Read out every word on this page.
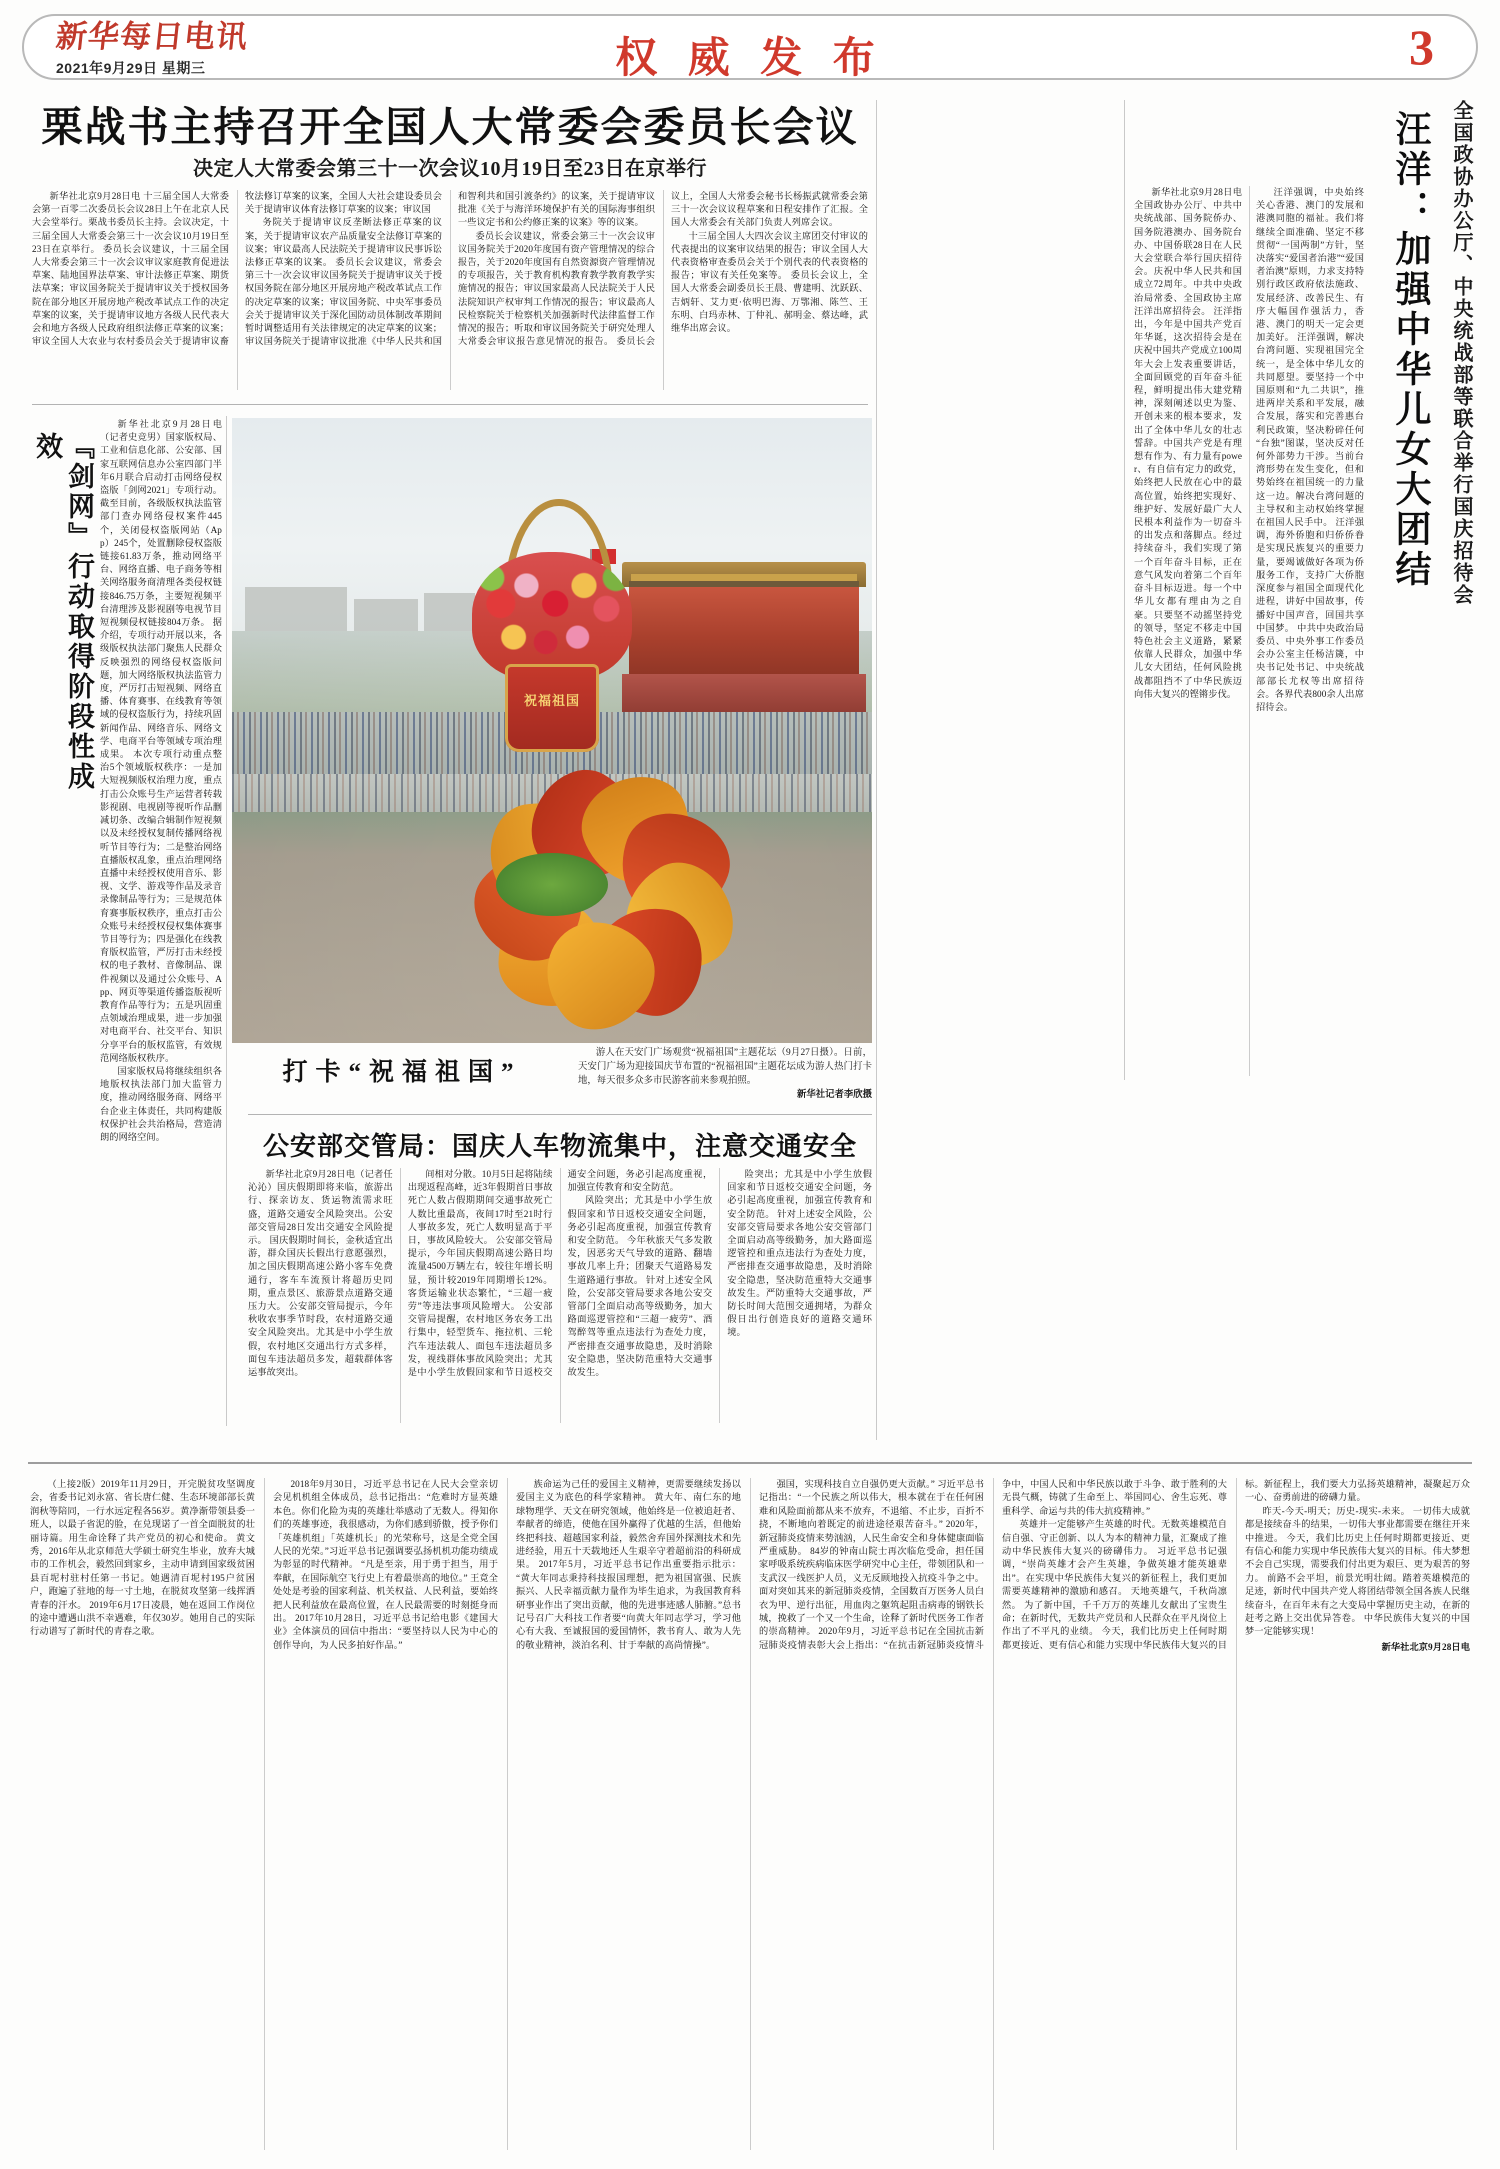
新华每日电讯
2021年9月29日 星期三	权 威 发 布	3
栗战书主持召开全国人大常委会委员长会议
决定人大常委会第三十一次会议10月19日至23日在京举行
新华社北京9月28日电 十三届全国人大常委会第一百零二次委员长会议28日上午在北京人民大会堂举行。栗战书委员长主持。会议决定，十三届全国人大常委会第三十一次会议10月19日至23日在京举行。 委员长会议建议，十三届全国人大常委会第三十一次会议审议家庭教育促进法草案、陆地国界法草案、审计法修正草案、期货法草案；审议国务院关于提请审议关于授权国务院在部分地区开展房地产税改革试点工作的决定草案的议案，关于提请审议地方各级人民代表大会和地方各级人民政府组织法修正草案的议案；审议全国人大农业与农村委员会关于提请审议畜牧法修订草案的议案，全国人大社会建设委员会关于提请审议体育法修订草案的议案；审议国
务院关于提请审议反垄断法修正草案的议案，关于提请审议农产品质量安全法修订草案的议案；审议最高人民法院关于提请审议民事诉讼法修正草案的议案。 委员长会议建议，常委会第三十一次会议审议国务院关于提请审议关于授权国务院在部分地区开展房地产税改革试点工作的决定草案的议案；审议国务院、中央军事委员会关于提请审议关于深化国防动员体制改革期间暂时调整适用有关法律规定的决定草案的议案；审议国务院关于提请审议批准《中华人民共和国和智利共和国引渡条约》的议案，关于提请审议批准《关于与海洋环境保护有关的国际海事组织一些议定书和公约修正案的议案》等的议案。
委员长会议建议，常委会第三十一次会议审议国务院关于2020年度国有资产管理情况的综合报告，关于2020年度国有自然资源资产管理情况的专项报告，关于教育机构教育教学教育教学实施情况的报告；审议国家最高人民法院关于人民法院知识产权审判工作情况的报告；审议最高人民检察院关于检察机关加强新时代法律监督工作情况的报告；听取和审议国务院关于研究处理人大常委会审议报告意见情况的报告。 委员长会议上，全国人大常委会秘书长杨振武就常委会第三十一次会议议程草案和日程安排作了汇报。全国人大常委会有关部门负责人列席会议。
十三届全国人大四次会议主席团交付审议的代表提出的议案审议结果的报告；审议全国人大代表资格审查委员会关于个别代表的代表资格的报告；审议有关任免案等。 委员长会议上，全国人大常委会副委员长王晨、曹建明、沈跃跃、吉炳轩、艾力更·依明巴海、万鄂湘、陈竺、王东明、白玛赤林、丁仲礼、郝明金、蔡达峰，武维华出席会议。
『剑网』行动取得阶段性成效
新华社北京9月28日电（记者史竞男）国家版权局、工业和信息化部、公安部、国家互联网信息办公室四部门半年6月联合启动打击网络侵权盗版「剑网2021」专项行动。截至目前，各级版权执法监管部门查办网络侵权案件445个，关闭侵权盗版网站（App）245个，处置删除侵权盗版链接61.83万条，推动网络平台、网络直播、电子商务等相关网络服务商清理各类侵权链接846.75万条，主要短视频平台清理涉及影视剧等电视节目短视频侵权链接804万条。 据介绍，专项行动开展以来，各级版权执法部门聚焦人民群众反映强烈的网络侵权盗版问题，加大网络版权执法监管力度，严厉打击短视频、网络直播、体育赛事、在线教育等领域的侵权盗版行为，持续巩固新闻作品、网络音乐、网络文学、电商平台等领域专项治理成果。 本次专项行动重点整治5个领域版权秩序：一是加大短视频版权治理力度，重点打击公众账号生产运营者转载影视剧、电视剧等视听作品删减切条、改编合辑制作短视频以及未经授权复制传播网络视听节目等行为；二是整治网络直播版权乱象，重点治理网络直播中未经授权使用音乐、影视、文学、游戏等作品及录音录像制品等行为；三是规范体育赛事版权秩序，重点打击公众账号未经授权侵权集体赛事节目等行为；四是强化在线教育版权监管，严厉打击未经授权的电子教材、音像制品、课件视频以及通过公众账号、App、网页等渠道传播盗版视听教育作品等行为；五是巩固重点领域治理成果，进一步加强对电商平台、社交平台、知识分享平台的版权监管，有效规范网络版权秩序。
国家版权局将继续组织各地版权执法部门加大监管力度，推动网络服务商、网络平台企业主体责任，共同构建版权保护社会共治格局，营造清朗的网络空间。
祝福祖国
打卡“祝福祖国”
游人在天安门广场观赏“祝福祖国”主题花坛（9月27日摄）。日前，天安门广场为迎接国庆节布置的“祝福祖国”主题花坛成为游人热门打卡地，每天很多众多市民游客前来参观拍照。
新华社记者李欣摄
公安部交管局：国庆人车物流集中，注意交通安全
新华社北京9月28日电（记者任沁沁）国庆假期即将来临，旅游出行、探亲访友、货运物流需求旺盛，道路交通安全风险突出。公安部交管局28日发出交通安全风险提示。 国庆假期时间长，金秋适宜出游，群众国庆长假出行意愿强烈，加之国庆假期高速公路小客车免费通行，客车车流预计将超历史同期，重点景区、旅游景点道路交通压力大。 公安部交管局提示，今年秋收农事季节时段，农村道路交通安全风险突出。尤其是中小学生放假，农村地区交通出行方式多样，面包车违法超员多发，超载群体客运事故突出。
间相对分散。10月5日起将陆续出现返程高峰，近3年假期首日事故死亡人数占假期期间交通事故死亡人数比重最高，夜间17时至21时行人事故多发，死亡人数明显高于平日，事故风险较大。 公安部交管局提示，今年国庆假期高速公路日均流量4500万辆左右，较往年增长明显，预计较2019年同期增长12%。客货运输业状态繁忙，“三超一疲劳”等违法事项风险增大。 公安部交管局提醒，农村地区务农务工出行集中，轻型货车、拖拉机、三轮汽车违法载人、面包车违法超员多发，视线群体事故风险突出；尤其是中小学生放假回家和节日返校交通安全问题，务必引起高度重视，加强宣传教育和安全防范。
风险突出；尤其是中小学生放假回家和节日返校交通安全问题，务必引起高度重视，加强宣传教育和安全防范。 今年秋旅天气多发散发，因恶劣天气导致的道路、翻墙事故几率上升；团聚天气道路易发生道路通行事故。 针对上述安全风险，公安部交管局要求各地公安交管部门全面启动高等级勤务，加大路面巡逻管控和“三超一疲劳”、酒驾醉驾等重点违法行为查处力度，严密排查交通事故隐患，及时消除安全隐患，坚决防范重特大交通事故发生。
险突出；尤其是中小学生放假回家和节日返校交通安全问题，务必引起高度重视，加强宣传教育和安全防范。 针对上述安全风险，公安部交管局要求各地公安交管部门全面启动高等级勤务，加大路面巡逻管控和重点违法行为查处力度，严密排查交通事故隐患，及时消除安全隐患，坚决防范重特大交通事故发生。严防重特大交通事故，严防长时间大范围交通拥堵，为群众假日出行创造良好的道路交通环境。
全国政协办公厅、中央统战部等联合举行国庆招待会
汪洋：加强中华儿女大团结
新华社北京9月28日电 全国政协办公厅、中共中央统战部、国务院侨办、国务院港澳办、国务院台办、中国侨联28日在人民大会堂联合举行国庆招待会。庆祝中华人民共和国成立72周年。中共中央政治局常委、全国政协主席汪洋出席招待会。 汪洋指出，今年是中国共产党百年华诞，这次招待会是在庆祝中国共产党成立100周年大会上发表重要讲话，全面回顾党的百年奋斗征程，鲜明提出伟大建党精神，深刻阐述以史为鉴、开创未来的根本要求，发出了全体中华儿女的壮志誓辞。中国共产党是有理想有作为、有力量有power、有自信有定力的政党，始终把人民放在心中的最高位置，始终把实现好、维护好、发展好最广大人民根本利益作为一切奋斗的出发点和落脚点。经过持续奋斗，我们实现了第一个百年奋斗目标，正在意气风发向着第二个百年奋斗目标迈进。每一个中华儿女都有理由为之自豪。只要坚不动摇坚持党的领导，坚定不移走中国特色社会主义道路，紧紧依靠人民群众，加强中华儿女大团结，任何风险挑战都阻挡不了中华民族迈向伟大复兴的铿锵步伐。
汪洋强调，中央始终关心香港、澳门的发展和港澳同胞的福祉。我们将继续全面准确、坚定不移贯彻“一国两制”方针，坚决落实“爱国者治港”“爱国者治澳”原则，力求支持特别行政区政府依法施政、发展经济、改善民生、有序大幅国作强活力，香港、澳门的明天一定会更加美好。 汪洋强调，解决台湾问题、实现祖国完全统一，是全体中华儿女的共同愿望。要坚持一个中国原则和“九二共识”，推进两岸关系和平发展，融合发展，落实和完善惠台利民政策，坚决粉碎任何“台独”图谋，坚决反对任何外部势力干涉。当前台湾形势在发生变化，但和势始终在祖国统一的力量这一边。解决台湾问题的主导权和主动权始终掌握在祖国人民手中。 汪洋强调，海外侨胞和归侨侨眷是实现民族复兴的重要力量，要竭诚做好各项为侨服务工作，支持广大侨胞深度参与祖国全面现代化进程，讲好中国故事，传播好中国声音，回国共享中国梦。 中共中央政治局委员、中央外事工作委员会办公室主任杨洁篪，中央书记处书记、中央统战部部长尤权等出席招待会。各界代表800余人出席招待会。
（上接2版）2019年11月29日，开完脱贫攻坚调度会，省委书记刘永富、省长唐仁健、生态环境部部长黄润秋等陪同，一行水远定程各56岁。黄净渐带领县委一班人，以最子省泥的脸，在兑现诺了一首全面脱贫的壮丽诗篇。用生命诠释了共产党员的初心和使命。 黄文秀，2016年从北京师范大学硕士研究生毕业，放弃大城市的工作机会，毅然回到家乡，主动申请到国家级贫困县百坭村驻村任第一书记。她遇清百坭村195户贫困户，跑遍了驻地的每一寸土地，在脱贫攻坚第一线挥洒青春的汗水。 2019年6月17日凌晨，她在返回工作岗位的途中遭遇山洪不幸遇难，年仅30岁。她用自己的实际行动谱写了新时代的青春之歌。
2018年9月30日，习近平总书记在人民大会堂亲切会见机机组全体成员，总书记指出：“危难时方显英雄本色。你们化险为夷的英雄壮举感动了无数人。得知你们的英雄事迹，我很感动，为你们感到骄傲，授予你们「英雄机组」「英雄机长」的光荣称号，这是全党全国人民的光荣。”习近平总书记强调要弘扬机机功能功绩成为彰显的时代精神。 “凡是至亲，用于勇于担当，用于奉献，在国际航空飞行史上有着最崇高的地位。” 王竟全处处是考验的国家利益、机关权益、人民利益，要始终把人民利益放在最高位置，在人民最需要的时刻挺身而出。 2017年10月28日，习近平总书记给电影《建国大业》全体演员的回信中指出：“要坚持以人民为中心的创作导向，为人民多拍好作品。”
族命运为己任的爱国主义精神，更需要继续发扬以爱国主义为底色的科学家精神。 黄大年、南仁东的地球物理学、天文在研究领域，他始终是一位被追赶者、奉献者的缔造，使他在国外赢得了优越的生活，但他始终把科技、超越国家利益，毅然舍弃国外探测技术和先进经验，用五十天载地还人生艰辛守着超前沿的科研成果。 2017年5月，习近平总书记作出重要指示批示：“黄大年同志秉持科技报国理想，把为祖国富强、民族振兴、人民幸福贡献力量作为毕生追求，为我国教育科研事业作出了突出贡献，他的先进事迹感人肺腑。”总书记号召广大科技工作者要“向黄大年同志学习，学习他心有大我、至诚报国的爱国情怀，教书育人、敢为人先的敬业精神，淡泊名利、甘于奉献的高尚情操”。
强国，实现科技自立自强仍更大贡献。” 习近平总书记指出：“一个民族之所以伟大，根本就在于在任何困难和风险面前都从来不放弃，不退缩、不止步，百折不挠，不断地向着既定的前进途径艰苦奋斗。” 2020年，新冠肺炎疫情来势汹汹，人民生命安全和身体健康面临严重威胁。 84岁的钟南山院士再次临危受命，担任国家呼吸系统疾病临床医学研究中心主任，带领团队和一支武汉一线医护人员，义无反顾地投入抗疫斗争之中。 面对突如其来的新冠肺炎疫情，全国数百万医务人员白衣为甲、逆行出征，用血肉之躯筑起阻击病毒的钢铁长城，挽救了一个又一个生命，诠释了新时代医务工作者的崇高精神。 2020年9月，习近平总书记在全国抗击新冠肺炎疫情表彰大会上指出：“在抗击新冠肺炎疫情斗争中，中国人民和中华民族以敢于斗争、敢于胜利的大无畏气概，铸就了生命至上、举国同心、舍生忘死、尊重科学、命运与共的伟大抗疫精神。”
英雄并一定能够产生英雄的时代。无数英雄模范自信自强、守正创新、以人为本的精神力量，汇聚成了推动中华民族伟大复兴的磅礴伟力。 习近平总书记强调，“崇尚英雄才会产生英雄，争做英雄才能英雄辈出”。在实现中华民族伟大复兴的新征程上，我们更加需要英雄精神的激励和感召。 天地英雄气，千秋尚凛然。 为了新中国，千千万万的英雄儿女献出了宝贵生命；在新时代，无数共产党员和人民群众在平凡岗位上作出了不平凡的业绩。 今天，我们比历史上任何时期都更接近、更有信心和能力实现中华民族伟大复兴的目标。新征程上，我们要大力弘扬英雄精神，凝聚起万众一心、奋勇前进的磅礴力量。
昨天-今天-明天；历史-现实-未来。 一切伟大成就都是接续奋斗的结果，一切伟大事业都需要在继往开来中推进。 今天，我们比历史上任何时期都更接近、更有信心和能力实现中华民族伟大复兴的目标。伟大梦想不会自己实现，需要我们付出更为艰巨、更为艰苦的努力。 前路不会平坦，前景光明壮阔。踏着英雄模范的足迹，新时代中国共产党人将团结带领全国各族人民继续奋斗，在百年未有之大变局中掌握历史主动，在新的赶考之路上交出优异答卷。 中华民族伟大复兴的中国梦一定能够实现！
新华社北京9月28日电
